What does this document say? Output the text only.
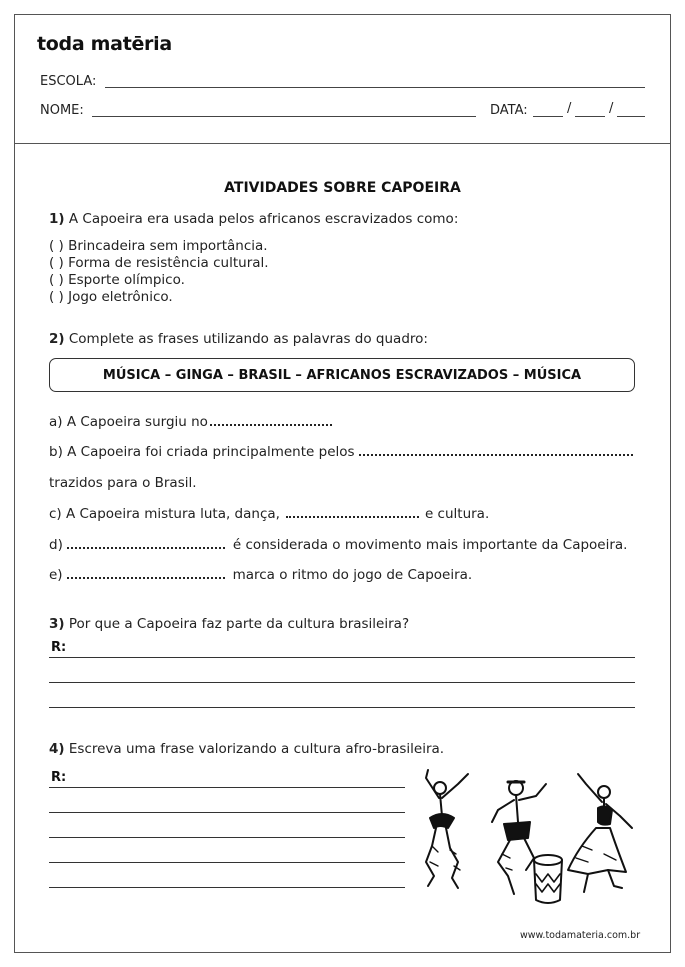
toda matēria
ESCOLA:
NOME:	DATA:	/	/
ATIVIDADES SOBRE CAPOEIRA
1) A Capoeira era usada pelos africanos escravizados como:
( ) Brincadeira sem importância.
( ) Forma de resistência cultural.
( ) Esporte olímpico.
( ) Jogo eletrônico.
2) Complete as frases utilizando as palavras do quadro:
MÚSICA – GINGA – BRASIL – AFRICANOS ESCRAVIZADOS – MÚSICA
a) A Capoeira surgiu no
b) A Capoeira foi criada principalmente pelos
trazidos para o Brasil.
c) A Capoeira mistura luta, dança,	e cultura.
d)	é considerada o movimento mais importante da Capoeira.
e)	marca o ritmo do jogo de Capoeira.
3) Por que a Capoeira faz parte da cultura brasileira?
R:
4) Escreva uma frase valorizando a cultura afro-brasileira.
R:
www.todamateria.com.br
